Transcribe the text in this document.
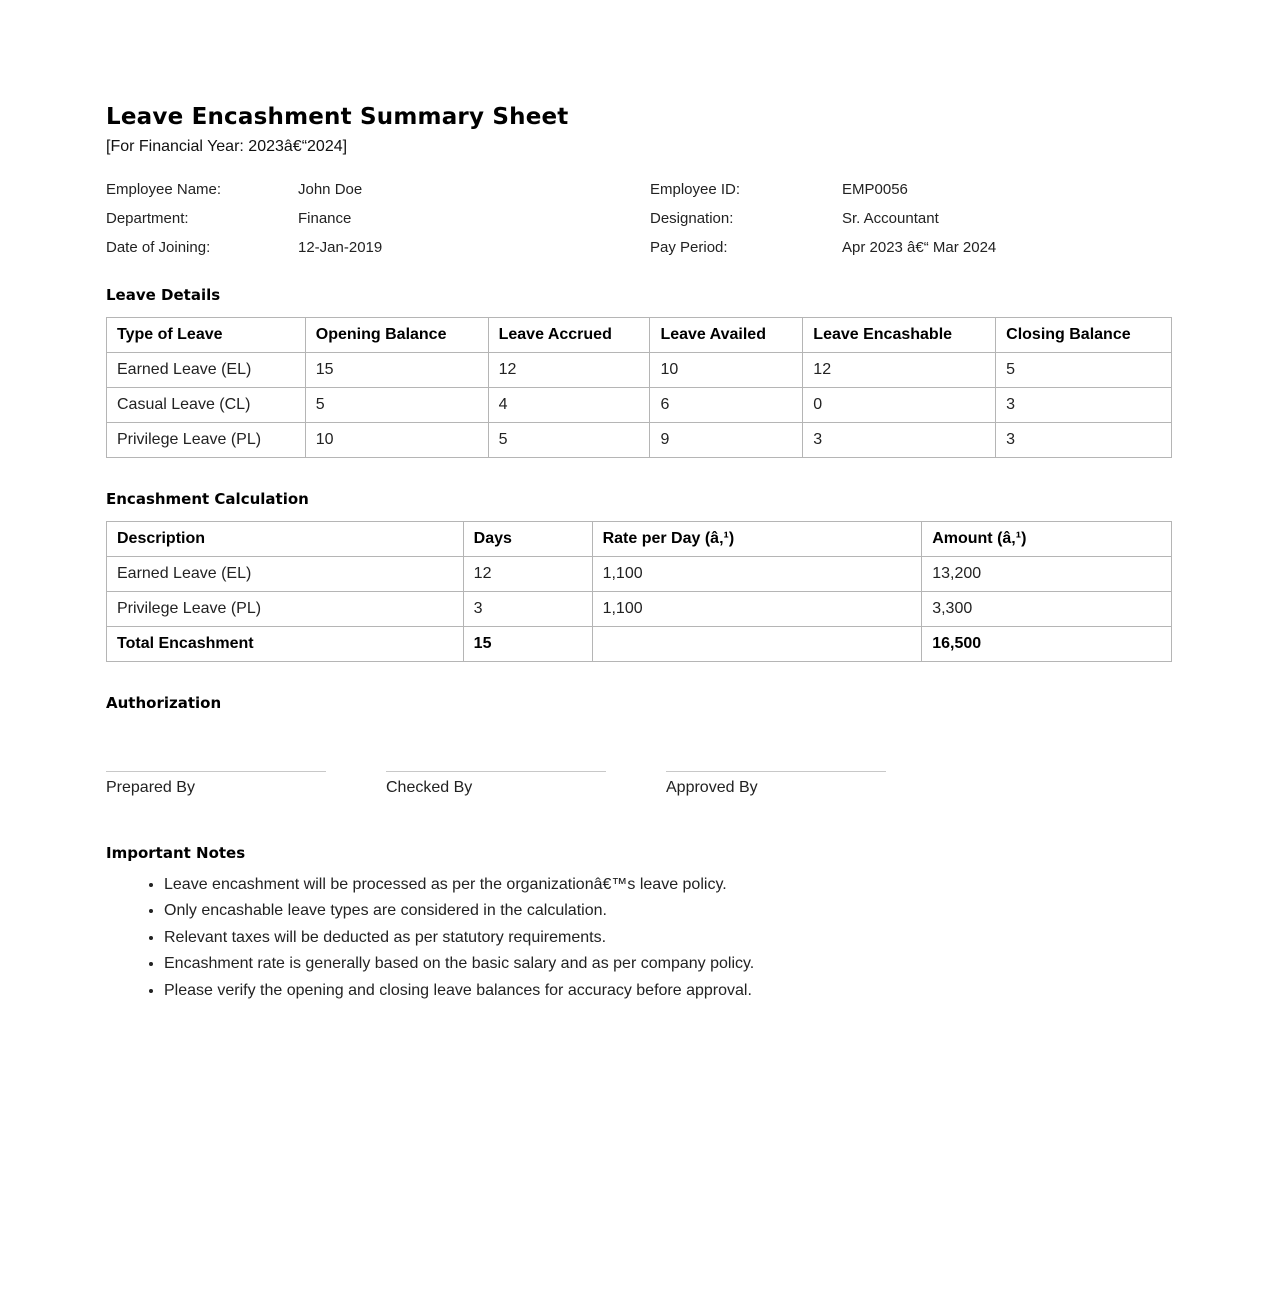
Leave Encashment Summary Sheet
[For Financial Year: 2023â€“2024]
Employee Name:	John Doe	Employee ID:	EMP0056
Department:	Finance	Designation:	Sr. Accountant
Date of Joining:	12-Jan-2019	Pay Period:	Apr 2023 â€“ Mar 2024
Leave Details
Type of Leave	Opening Balance	Leave Accrued	Leave Availed	Leave Encashable	Closing Balance
Earned Leave (EL)	15	12	10	12	5
Casual Leave (CL)	5	4	6	0	3
Privilege Leave (PL)	10	5	9	3	3
Encashment Calculation
Description	Days	Rate per Day (â‚¹)	Amount (â‚¹)
Earned Leave (EL)	12	1,100	13,200
Privilege Leave (PL)	3	1,100	3,300
Total Encashment	15		16,500
Authorization
Prepared By	Checked By	Approved By
Important Notes
• Leave encashment will be processed as per the organizationâ€™s leave policy.
• Only encashable leave types are considered in the calculation.
• Relevant taxes will be deducted as per statutory requirements.
• Encashment rate is generally based on the basic salary and as per company policy.
• Please verify the opening and closing leave balances for accuracy before approval.
